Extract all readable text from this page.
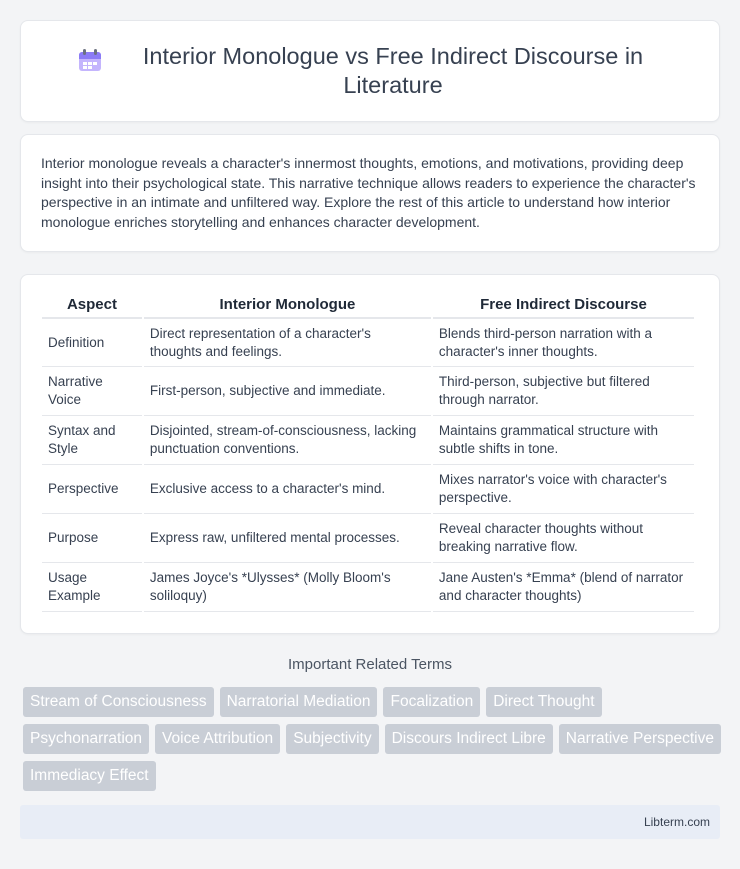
Interior Monologue vs Free Indirect Discourse in Literature

Interior monologue reveals a character's innermost thoughts, emotions, and motivations, providing deep insight into their psychological state. This narrative technique allows readers to experience the character's perspective in an intimate and unfiltered way. Explore the rest of this article to understand how interior monologue enriches storytelling and enhances character development.

Aspect	Interior Monologue	Free Indirect Discourse
Definition	Direct representation of a character's thoughts and feelings.	Blends third-person narration with a character's inner thoughts.
Narrative Voice	First-person, subjective and immediate.	Third-person, subjective but filtered through narrator.
Syntax and Style	Disjointed, stream-of-consciousness, lacking punctuation conventions.	Maintains grammatical structure with subtle shifts in tone.
Perspective	Exclusive access to a character's mind.	Mixes narrator's voice with character's perspective.
Purpose	Express raw, unfiltered mental processes.	Reveal character thoughts without breaking narrative flow.
Usage Example	James Joyce's *Ulysses* (Molly Bloom's soliloquy)	Jane Austen's *Emma* (blend of narrator and character thoughts)
Important Related Terms
Stream of Consciousness	Narratorial Mediation	Focalization	Direct Thought
Psychonarration	Voice Attribution	Subjectivity	Discours Indirect Libre	Narrative Perspective
Immediacy Effect
Libterm.com
